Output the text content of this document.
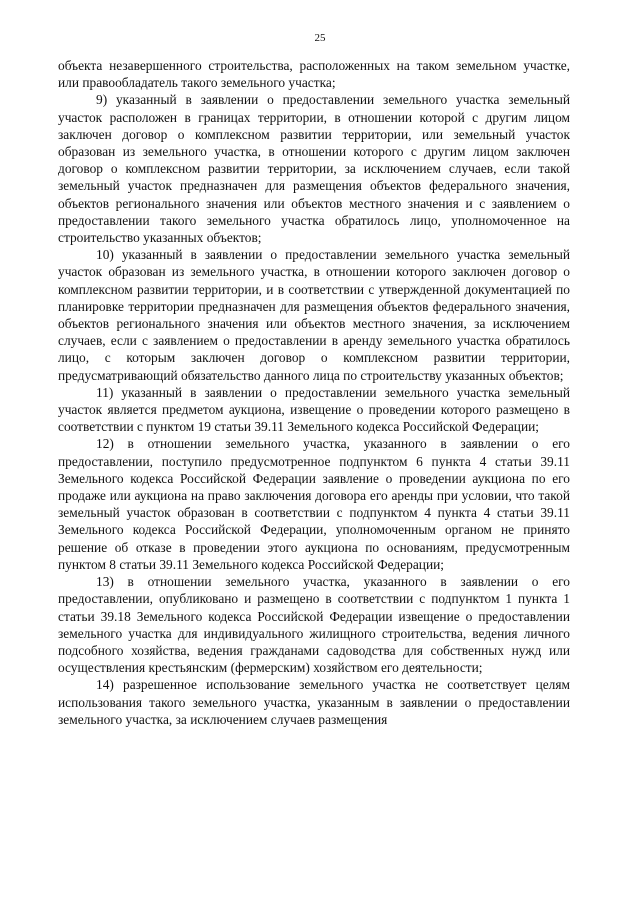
25

объекта незавершенного строительства, расположенных на таком земельном участке, или правообладатель такого земельного участка;

9) указанный в заявлении о предоставлении земельного участка земельный участок расположен в границах территории, в отношении которой с другим лицом заключен договор о комплексном развитии территории, или земельный участок образован из земельного участка, в отношении которого с другим лицом заключен договор о комплексном развитии территории, за исключением случаев, если такой земельный участок предназначен для размещения объектов федерального значения, объектов регионального значения или объектов местного значения и с заявлением о предоставлении такого земельного участка обратилось лицо, уполномоченное на строительство указанных объектов;

10) указанный в заявлении о предоставлении земельного участка земельный участок образован из земельного участка, в отношении которого заключен договор о комплексном развитии территории, и в соответствии с утвержденной документацией по планировке территории предназначен для размещения объектов федерального значения, объектов регионального значения или объектов местного значения, за исключением случаев, если с заявлением о предоставлении в аренду земельного участка обратилось лицо, с которым заключен договор о комплексном развитии территории, предусматривающий обязательство данного лица по строительству указанных объектов;

11) указанный в заявлении о предоставлении земельного участка земельный участок является предметом аукциона, извещение о проведении которого размещено в соответствии с пунктом 19 статьи 39.11 Земельного кодекса Российской Федерации;

12) в отношении земельного участка, указанного в заявлении о его предоставлении, поступило предусмотренное подпунктом 6 пункта 4 статьи 39.11 Земельного кодекса Российской Федерации заявление о проведении аукциона по его продаже или аукциона на право заключения договора его аренды при условии, что такой земельный участок образован в соответствии с подпунктом 4 пункта 4 статьи 39.11 Земельного кодекса Российской Федерации, уполномоченным органом не принято решение об отказе в проведении этого аукциона по основаниям, предусмотренным пунктом 8 статьи 39.11 Земельного кодекса Российской Федерации;

13) в отношении земельного участка, указанного в заявлении о его предоставлении, опубликовано и размещено в соответствии с подпунктом 1 пункта 1 статьи 39.18 Земельного кодекса Российской Федерации извещение о предоставлении земельного участка для индивидуального жилищного строительства, ведения личного подсобного хозяйства, ведения гражданами садоводства для собственных нужд или осуществления крестьянским (фермерским) хозяйством его деятельности;

14) разрешенное использование земельного участка не соответствует целям использования такого земельного участка, указанным в заявлении о предоставлении земельного участка, за исключением случаев размещения
